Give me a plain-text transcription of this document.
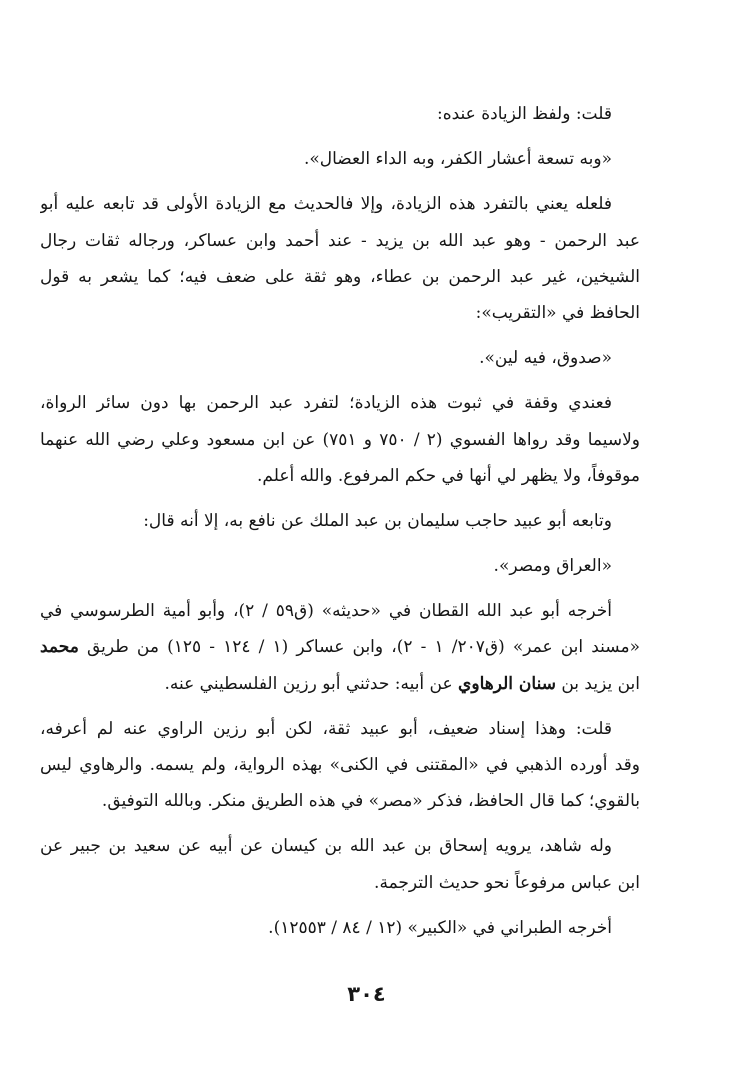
قلت: ولفظ الزيادة عنده:
«وبه تسعة أعشار الكفر، وبه الداء العضال».
فلعله يعني بالتفرد هذه الزيادة، وإلا فالحديث مع الزيادة الأولى قد تابعه عليه أبو
عبد الرحمن - وهو عبد الله بن يزيد - عند أحمد وابن عساكر، ورجاله ثقات رجال
الشيخين، غير عبد الرحمن بن عطاء، وهو ثقة على ضعف فيه؛ كما يشعر به قول
الحافظ في «التقريب»:
«صدوق، فيه لين».
فعندي وقفة في ثبوت هذه الزيادة؛ لتفرد عبد الرحمن بها دون سائر الرواة،
ولاسيما وقد رواها الفسوي (٢ / ٧٥٠ و ٧٥١) عن ابن مسعود وعلي رضي الله عنهما
موقوفاً، ولا يظهر لي أنها في حكم المرفوع. والله أعلم.
وتابعه أبو عبيد حاجب سليمان بن عبد الملك عن نافع به، إلا أنه قال:
«العراق ومصر».
أخرجه أبو عبد الله القطان في «حديثه» (ق٥٩ / ٢)، وأبو أمية الطرسوسي في
«مسند ابن عمر» (ق٢٠٧/ ١ - ٢)، وابن عساكر (١ / ١٢٤ - ١٢٥) من طريق محمد
ابن يزيد بن سنان الرهاوي عن أبيه: حدثني أبو رزين الفلسطيني عنه.
قلت: وهذا إسناد ضعيف، أبو عبيد ثقة، لكن أبو رزين الراوي عنه لم أعرفه،
وقد أورده الذهبي في «المقتنى في الكنى» بهذه الرواية، ولم يسمه. والرهاوي ليس
بالقوي؛ كما قال الحافظ، فذكر «مصر» في هذه الطريق منكر. وبالله التوفيق.
وله شاهد، يرويه إسحاق بن عبد الله بن كيسان عن أبيه عن سعيد بن جبير عن
ابن عباس مرفوعاً نحو حديث الترجمة.
أخرجه الطبراني في «الكبير» (١٢ / ٨٤ / ١٢٥٥٣).
٣٠٤
